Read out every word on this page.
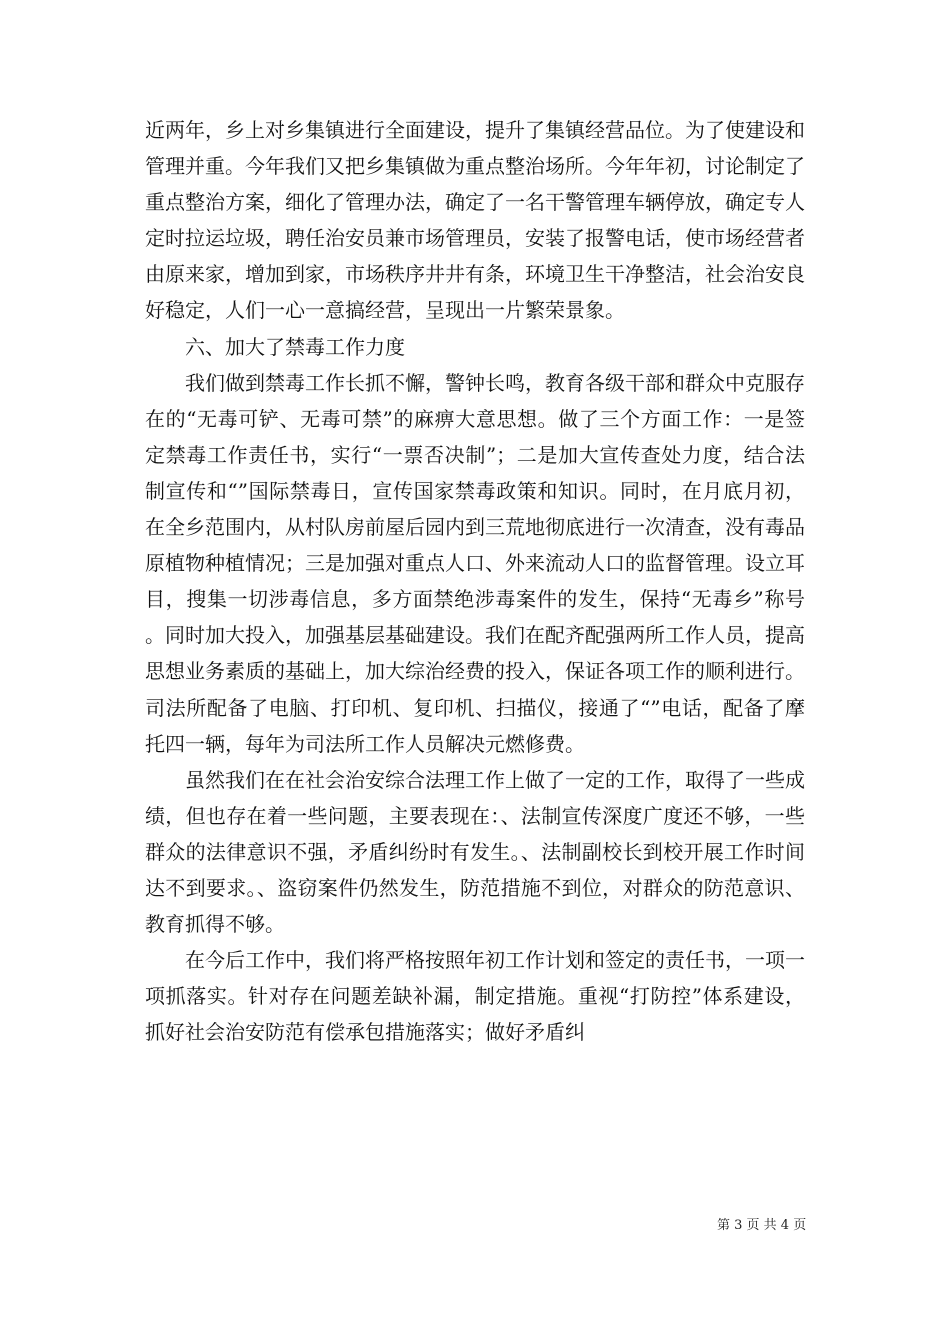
近两年，乡上对乡集镇进行全面建设，提升了集镇经营品位。为了使建设和管理并重。今年我们又把乡集镇做为重点整治场所。今年年初，讨论制定了重点整治方案，细化了管理办法，确定了一名干警管理车辆停放，确定专人定时拉运垃圾，聘任治安员兼市场管理员，安装了报警电话，使市场经营者由原来家，增加到家，市场秩序井井有条，环境卫生干净整洁，社会治安良好稳定，人们一心一意搞经营，呈现出一片繁荣景象。

六、加大了禁毒工作力度

我们做到禁毒工作长抓不懈，警钟长鸣，教育各级干部和群众中克服存在的“无毒可铲、无毒可禁”的麻痹大意思想。做了三个方面工作：一是签定禁毒工作责任书，实行“一票否决制”；二是加大宣传查处力度，结合法制宣传和“”国际禁毒日，宣传国家禁毒政策和知识。同时，在月底月初，在全乡范围内，从村队房前屋后园内到三荒地彻底进行一次清查，没有毒品原植物种植情况；三是加强对重点人口、外来流动人口的监督管理。设立耳目，搜集一切涉毒信息，多方面禁绝涉毒案件的发生，保持“无毒乡”称号。同时加大投入，加强基层基础建设。我们在配齐配强两所工作人员，提高思想业务素质的基础上，加大综治经费的投入，保证各项工作的顺利进行。司法所配备了电脑、打印机、复印机、扫描仪，接通了“”电话，配备了摩托四一辆，每年为司法所工作人员解决元燃修费。

虽然我们在在社会治安综合法理工作上做了一定的工作，取得了一些成绩，但也存在着一些问题，主要表现在：、法制宣传深度广度还不够，一些群众的法律意识不强，矛盾纠纷时有发生。、法制副校长到校开展工作时间达不到要求。、盗窃案件仍然发生，防范措施不到位，对群众的防范意识、教育抓得不够。

在今后工作中，我们将严格按照年初工作计划和签定的责任书，一项一项抓落实。针对存在问题差缺补漏，制定措施。重视“打防控”体系建设，抓好社会治安防范有偿承包措施落实；做好矛盾纠

第 3 页 共 4 页
